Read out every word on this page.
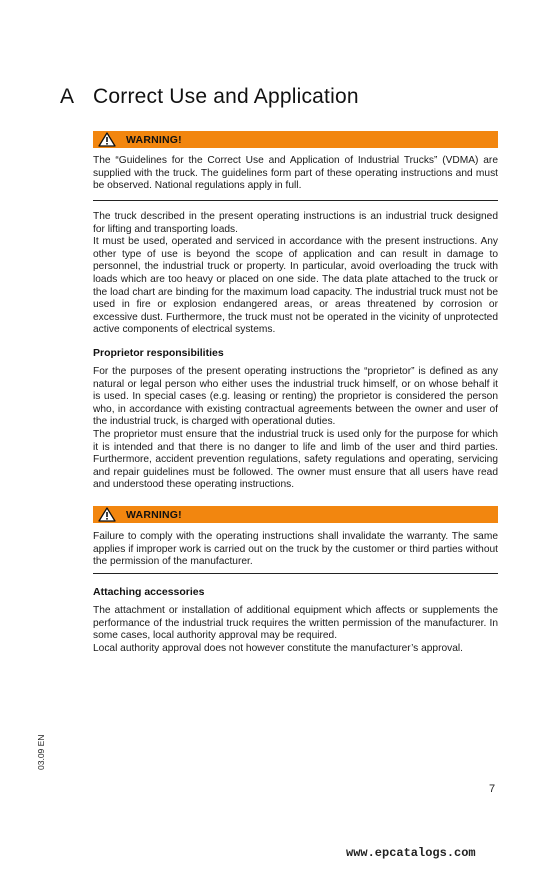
A Correct Use and Application
WARNING!

The “Guidelines for the Correct Use and Application of Industrial Trucks” (VDMA) are supplied with the truck. The guidelines form part of these operating instructions and must be observed. National regulations apply in full.

The truck described in the present operating instructions is an industrial truck designed for lifting and transporting loads.

It must be used, operated and serviced in accordance with the present instructions. Any other type of use is beyond the scope of application and can result in damage to personnel, the industrial truck or property. In particular, avoid overloading the truck with loads which are too heavy or placed on one side. The data plate attached to the truck or the load chart are binding for the maximum load capacity. The industrial truck must not be used in fire or explosion endangered areas, or areas threatened by corrosion or excessive dust. Furthermore, the truck must not be operated in the vicinity of unprotected active components of electrical systems.

Proprietor responsibilities

For the purposes of the present operating instructions the “proprietor” is defined as any natural or legal person who either uses the industrial truck himself, or on whose behalf it is used. In special cases (e.g. leasing or renting) the proprietor is considered the person who, in accordance with existing contractual agreements between the owner and user of the industrial truck, is charged with operational duties.

The proprietor must ensure that the industrial truck is used only for the purpose for which it is intended and that there is no danger to life and limb of the user and third parties. Furthermore, accident prevention regulations, safety regulations and operating, servicing and repair guidelines must be followed. The owner must ensure that all users have read and understood these operating instructions.

WARNING!

Failure to comply with the operating instructions shall invalidate the warranty. The same applies if improper work is carried out on the truck by the customer or third parties without the permission of the manufacturer.

Attaching accessories

The attachment or installation of additional equipment which affects or supplements the performance of the industrial truck requires the written permission of the manufacturer. In some cases, local authority approval may be required.

Local authority approval does not however constitute the manufacturer’s approval.

03.09 EN
7
www.epcatalogs.com
